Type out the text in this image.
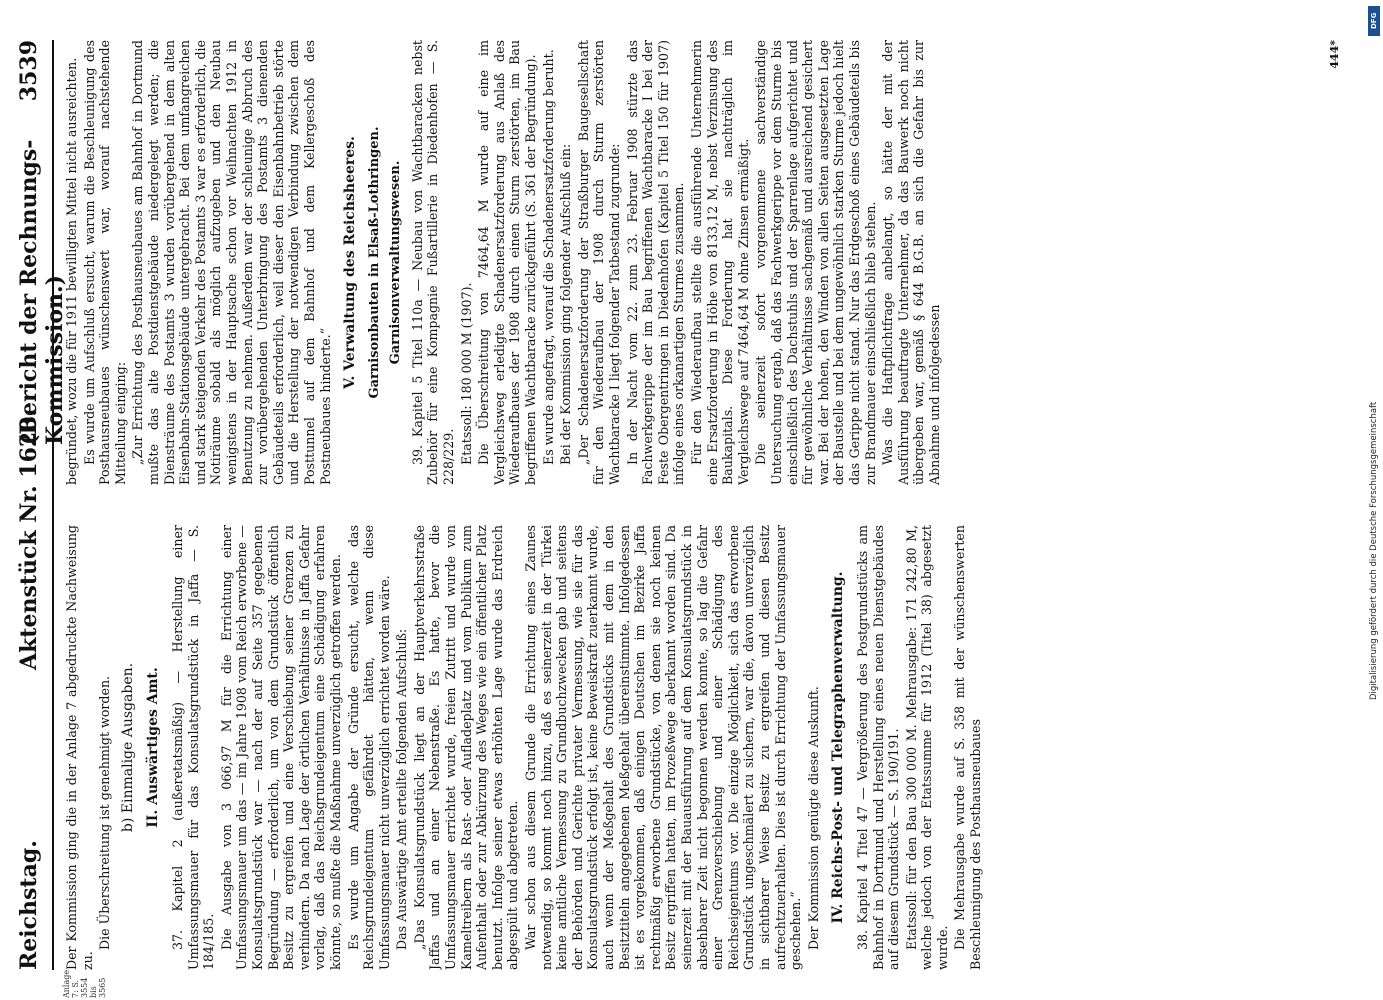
Reichstag.
Aktenstück Nr. 1620.
(Bericht der Rechnungs-Kommission.)
3539
Anlage 7: S. 3554 bis 3565

Der Kommission ging die in der Anlage 7 abgedruckte Nachweisung zu.

Die Überschreitung ist genehmigt worden. b) Einmalige Ausgaben. II. Auswärtiges Amt. 37. Kapitel 2 (außeretatsmäßig) — Herstellung einer Umfassungsmauer für das Konsulatsgrundstück in Jaffa — S. 184/185. Die Ausgabe von 3 066,97 M für die Errichtung einer Umfassungsmauer um das — im Jahre 1908 vom Reich erworbene — Konsulatsgrundstück war — nach der auf Seite 357 gegebenen Begründung — erforderlich, um von dem Grundstück öffentlich Besitz zu ergreifen und eine Verschiebung seiner Grenzen zu verhindern. Da nach Lage der örtlichen Verhältnisse in Jaffa Gefahr vorlag, daß das Reichsgrundeigentum eine Schädigung erfahren könnte, so mußte die Maßnahme unverzüglich getroffen werden. Es wurde um Angabe der Gründe ersucht, welche das Reichsgrundeigentum gefährdet hätten, wenn diese Umfassungsmauer nicht unverzüglich errichtet worden wäre. Das Auswärtige Amt erteilte folgenden Aufschluß: „Das Konsulatsgrundstück liegt an der Hauptverkehrsstraße Jaffas und an einer Nebenstraße. Es hatte, bevor die Umfassungsmauer errichtet wurde, freien Zutritt und wurde von Kameltreibern als Rast- oder Aufladeplatz und vom Publikum zum Aufenthalt oder zur Abkürzung des Weges wie ein öffentlicher Platz benutzt. Infolge seiner etwas erhöhten Lage wurde das Erdreich abgespült und abgetreten. War schon aus diesem Grunde die Errichtung eines Zaunes notwendig, so kommt noch hinzu, daß es seinerzeit in der Türkei keine amtliche Vermessung zu Grundbuchzwecken gab und seitens der Behörden und Gerichte privater Vermessung, wie sie für das Konsulatsgrundstück erfolgt ist, keine Beweiskraft zuerkannt wurde, auch wenn der Meßgehalt des Grundstücks mit dem in den Besitztiteln angegebenen Meßgehalt übereinstimmte. Infolgedessen ist es vorgekommen, daß einigen Deutschen im Bezirke Jaffa rechtmäßig erworbene Grundstücke, von denen sie noch keinen Besitz ergriffen hatten, im Prozeßwege aberkannt worden sind. Da seinerzeit mit der Bauausführung auf dem Konsulatsgrundstück in absehbarer Zeit nicht begonnen werden konnte, so lag die Gefahr einer Grenzverschiebung und einer Schädigung des Reichseigentums vor. Die einzige Möglichkeit, sich das erworbene Grundstück ungeschmälert zu sichern, war die, davon unverzüglich in sichtbarer Weise Besitz zu ergreifen und diesen Besitz aufrechtzuerhalten. Dies ist durch Errichtung der Umfassungsmauer geschehen.“ Der Kommission genügte diese Auskunft. IV. Reichs-Post- und Telegraphenverwaltung. 38. Kapitel 4 Titel 47 — Vergrößerung des Postgrundstücks am Bahnhof in Dortmund und Herstellung eines neuen Dienstgebäudes auf diesem Grundstück — S. 190/191. Etatssoll: für den Bau 300 000 M. Mehrausgabe: 171 242,80 M, welche jedoch von der Etatssumme für 1912 (Titel 38) abgesetzt wurde. Die Mehrausgabe wurde auf S. 358 mit der wünschenswerten Beschleunigung des Posthausneubaues

begründet, wozu die für 1911 bewilligten Mittel nicht ausreichten. Es wurde um Aufschluß ersucht, warum die Beschleunigung des Posthausneubaues wünschenswert war, worauf nachstehende Mitteilung einging: „Zur Errichtung des Posthausneubaues am Bahnhof in Dortmund mußte das alte Postdienstgebäude niedergelegt werden; die Diensträume des Postamts 3 wurden vorübergehend in dem alten Eisenbahn-Stationsgebäude untergebracht. Bei dem umfangreichen und stark steigenden Verkehr des Postamts 3 war es erforderlich, die Notiräume sobald als möglich aufzugeben und den Neubau wenigstens in der Hauptsache schon vor Weihnachten 1912 in Benutzung zu nehmen. Außerdem war der schleunige Abbruch des zur vorübergehenden Unterbringung des Postamts 3 dienenden Gebäudeteils erforderlich, weil dieser den Eisenbahnbetrieb störte und die Herstellung der notwendigen Verbindung zwischen dem Posttunnel auf dem Bahnhof und dem Kellergeschoß des Postneubaues hinderte.“

V. Verwaltung des Reichsheeres. Garnisonbauten in Elsaß-Lothringen. Garnisonverwaltungswesen. 39. Kapitel 5 Titel 110a — Neubau von Wachtbaracken nebst Zubehör für eine Kompagnie Fußartillerie in Diedenhofen — S. 228/229. Etatssoll: 180 000 M (1907). Die Überschreitung von 7464,64 M wurde auf eine im Vergleichsweg erledigte Schadenersatzforderung aus Anlaß des Wiederaufbaues der 1908 durch einen Sturm zerstörten, im Bau begriffenen Wachtbaracke zurückgeführt (S. 361 der Begründung). Es wurde angefragt, worauf die Schadenersatzforderung beruht. Bei der Kommission ging folgender Aufschluß ein: „Der Schadenersatzforderung der Straßburger Baugesellschaft für den Wiederaufbau der 1908 durch Sturm zerstörten Wachtbaracke I liegt folgender Tatbestand zugrunde: In der Nacht vom 22. zum 23. Februar 1908 stürzte das Fachwerkgerippe der im Bau begriffenen Wachtbaracke I bei der Feste Obergentringen in Diedenhofen (Kapitel 5 Titel 150 für 1907) infolge eines orkanartigen Sturmes zusammen. Für den Wiederaufbau stellte die ausführende Unternehmerin eine Ersatzforderung in Höhe von 8133,12 M, nebst Verzinsung des Baukapitals. Diese Forderung hat sie nachträglich im Vergleichswege auf 7464,64 M ohne Zinsen ermäßigt. Die seinerzeit sofort vorgenommene sachverständige Untersuchung ergab, daß das Fachwerkgerippe vor dem Sturme bis einschließlich des Dachstuhls und der Sparrenlage aufgerichtet und für gewöhnliche Verhältnisse sachgemäß und ausreichend gesichert war. Bei der hohen, den Winden von allen Seiten ausgesetzten Lage der Baustelle und bei dem ungewöhnlich starken Sturme jedoch hielt das Gerippe nicht stand. Nur das Erdgeschoß eines Gebäudeteils bis zur Brandmauer einschließlich blieb stehen. Was die Haftpflichtfrage anbelangt, so hätte der mit der Ausführung beauftragte Unternehmer, da das Bauwerk noch nicht übergeben war, gemäß § 644 B.G.B. an sich die Gefahr bis zur Abnahme und infolgedessen

444*
DFG
Digitalisierung gefördert durch die Deutsche Forschungsgemeinschaft
